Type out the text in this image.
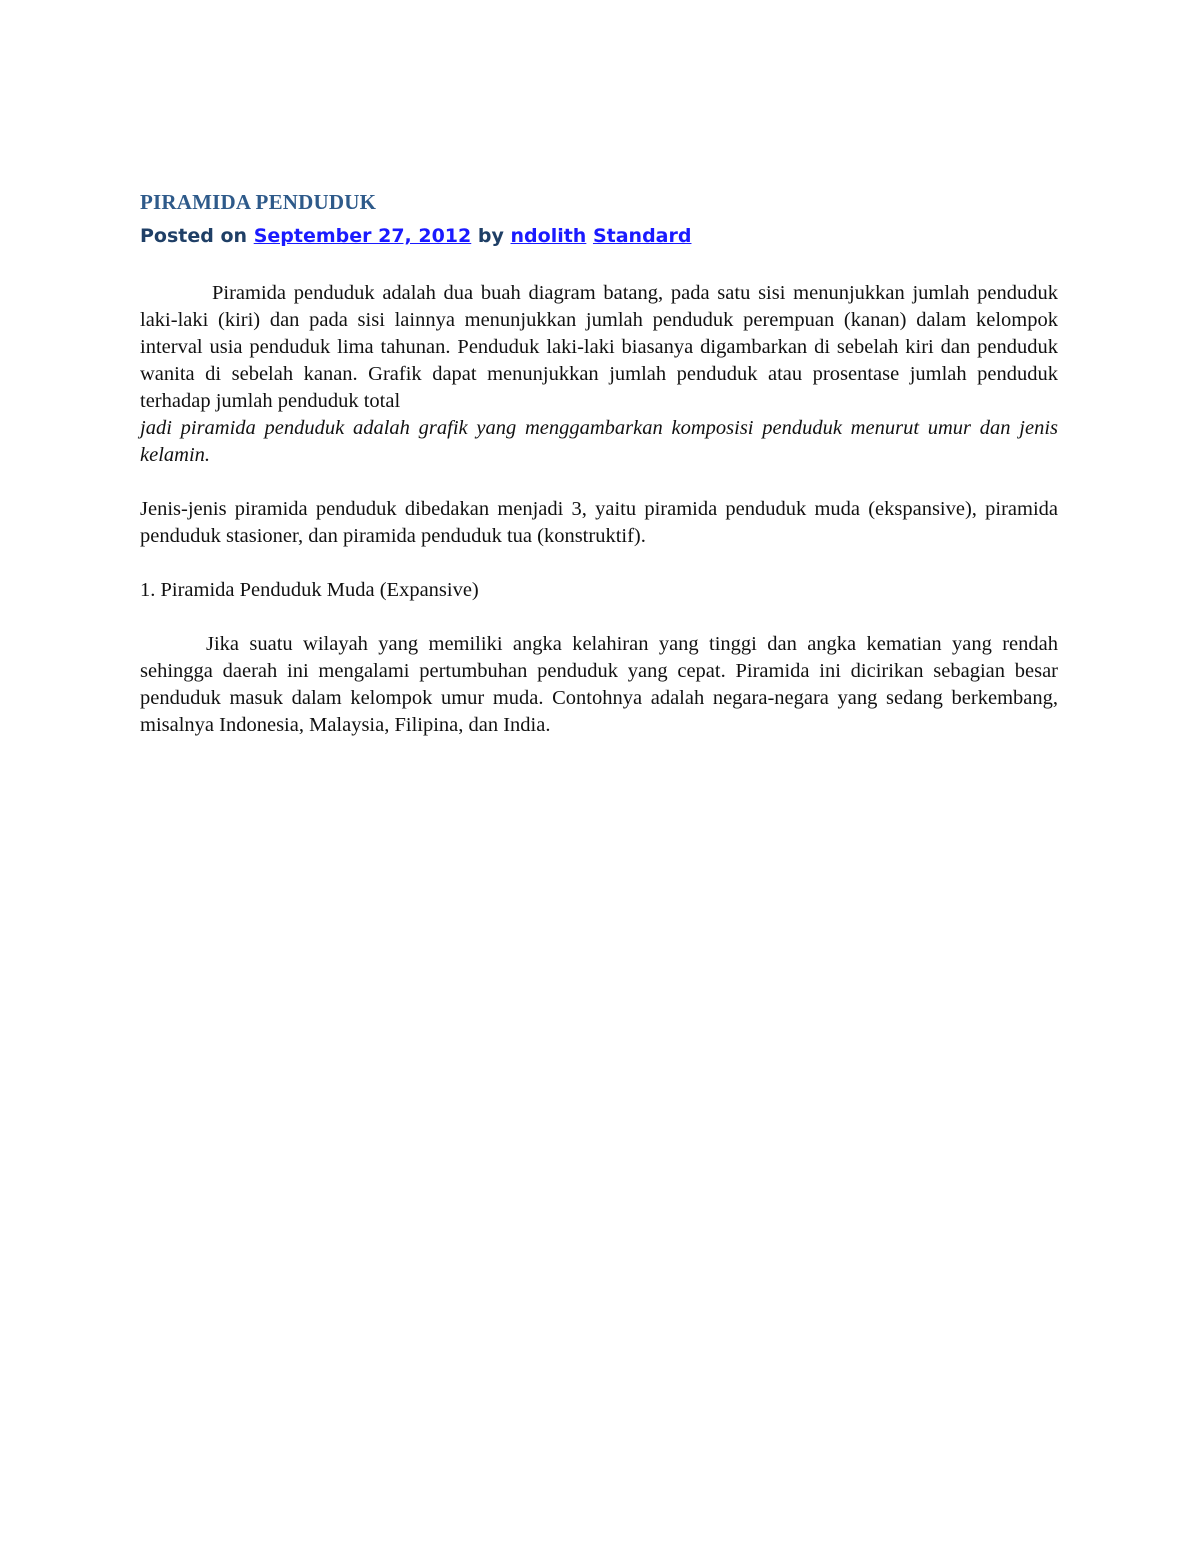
PIRAMIDA PENDUDUK

Posted on September 27, 2012 by ndolith Standard

Piramida penduduk adalah dua buah diagram batang, pada satu sisi menunjukkan jumlah penduduk laki-laki (kiri) dan pada sisi lainnya menunjukkan jumlah penduduk perempuan (kanan) dalam kelompok interval usia penduduk lima tahunan. Penduduk laki-laki biasanya digambarkan di sebelah kiri dan penduduk wanita di sebelah kanan. Grafik dapat menunjukkan jumlah penduduk atau prosentase jumlah penduduk terhadap jumlah penduduk total
jadi piramida penduduk adalah grafik yang menggambarkan komposisi penduduk menurut umur dan jenis kelamin.

Jenis-jenis piramida penduduk dibedakan menjadi 3, yaitu piramida penduduk muda (ekspansive), piramida penduduk stasioner, dan piramida penduduk tua (konstruktif).

1. Piramida Penduduk Muda (Expansive)

Jika suatu wilayah yang memiliki angka kelahiran yang tinggi dan angka kematian yang rendah sehingga daerah ini mengalami pertumbuhan penduduk yang cepat. Piramida ini dicirikan sebagian besar penduduk masuk dalam kelompok umur muda. Contohnya adalah negara-negara yang sedang berkembang, misalnya Indonesia, Malaysia, Filipina, dan India.
